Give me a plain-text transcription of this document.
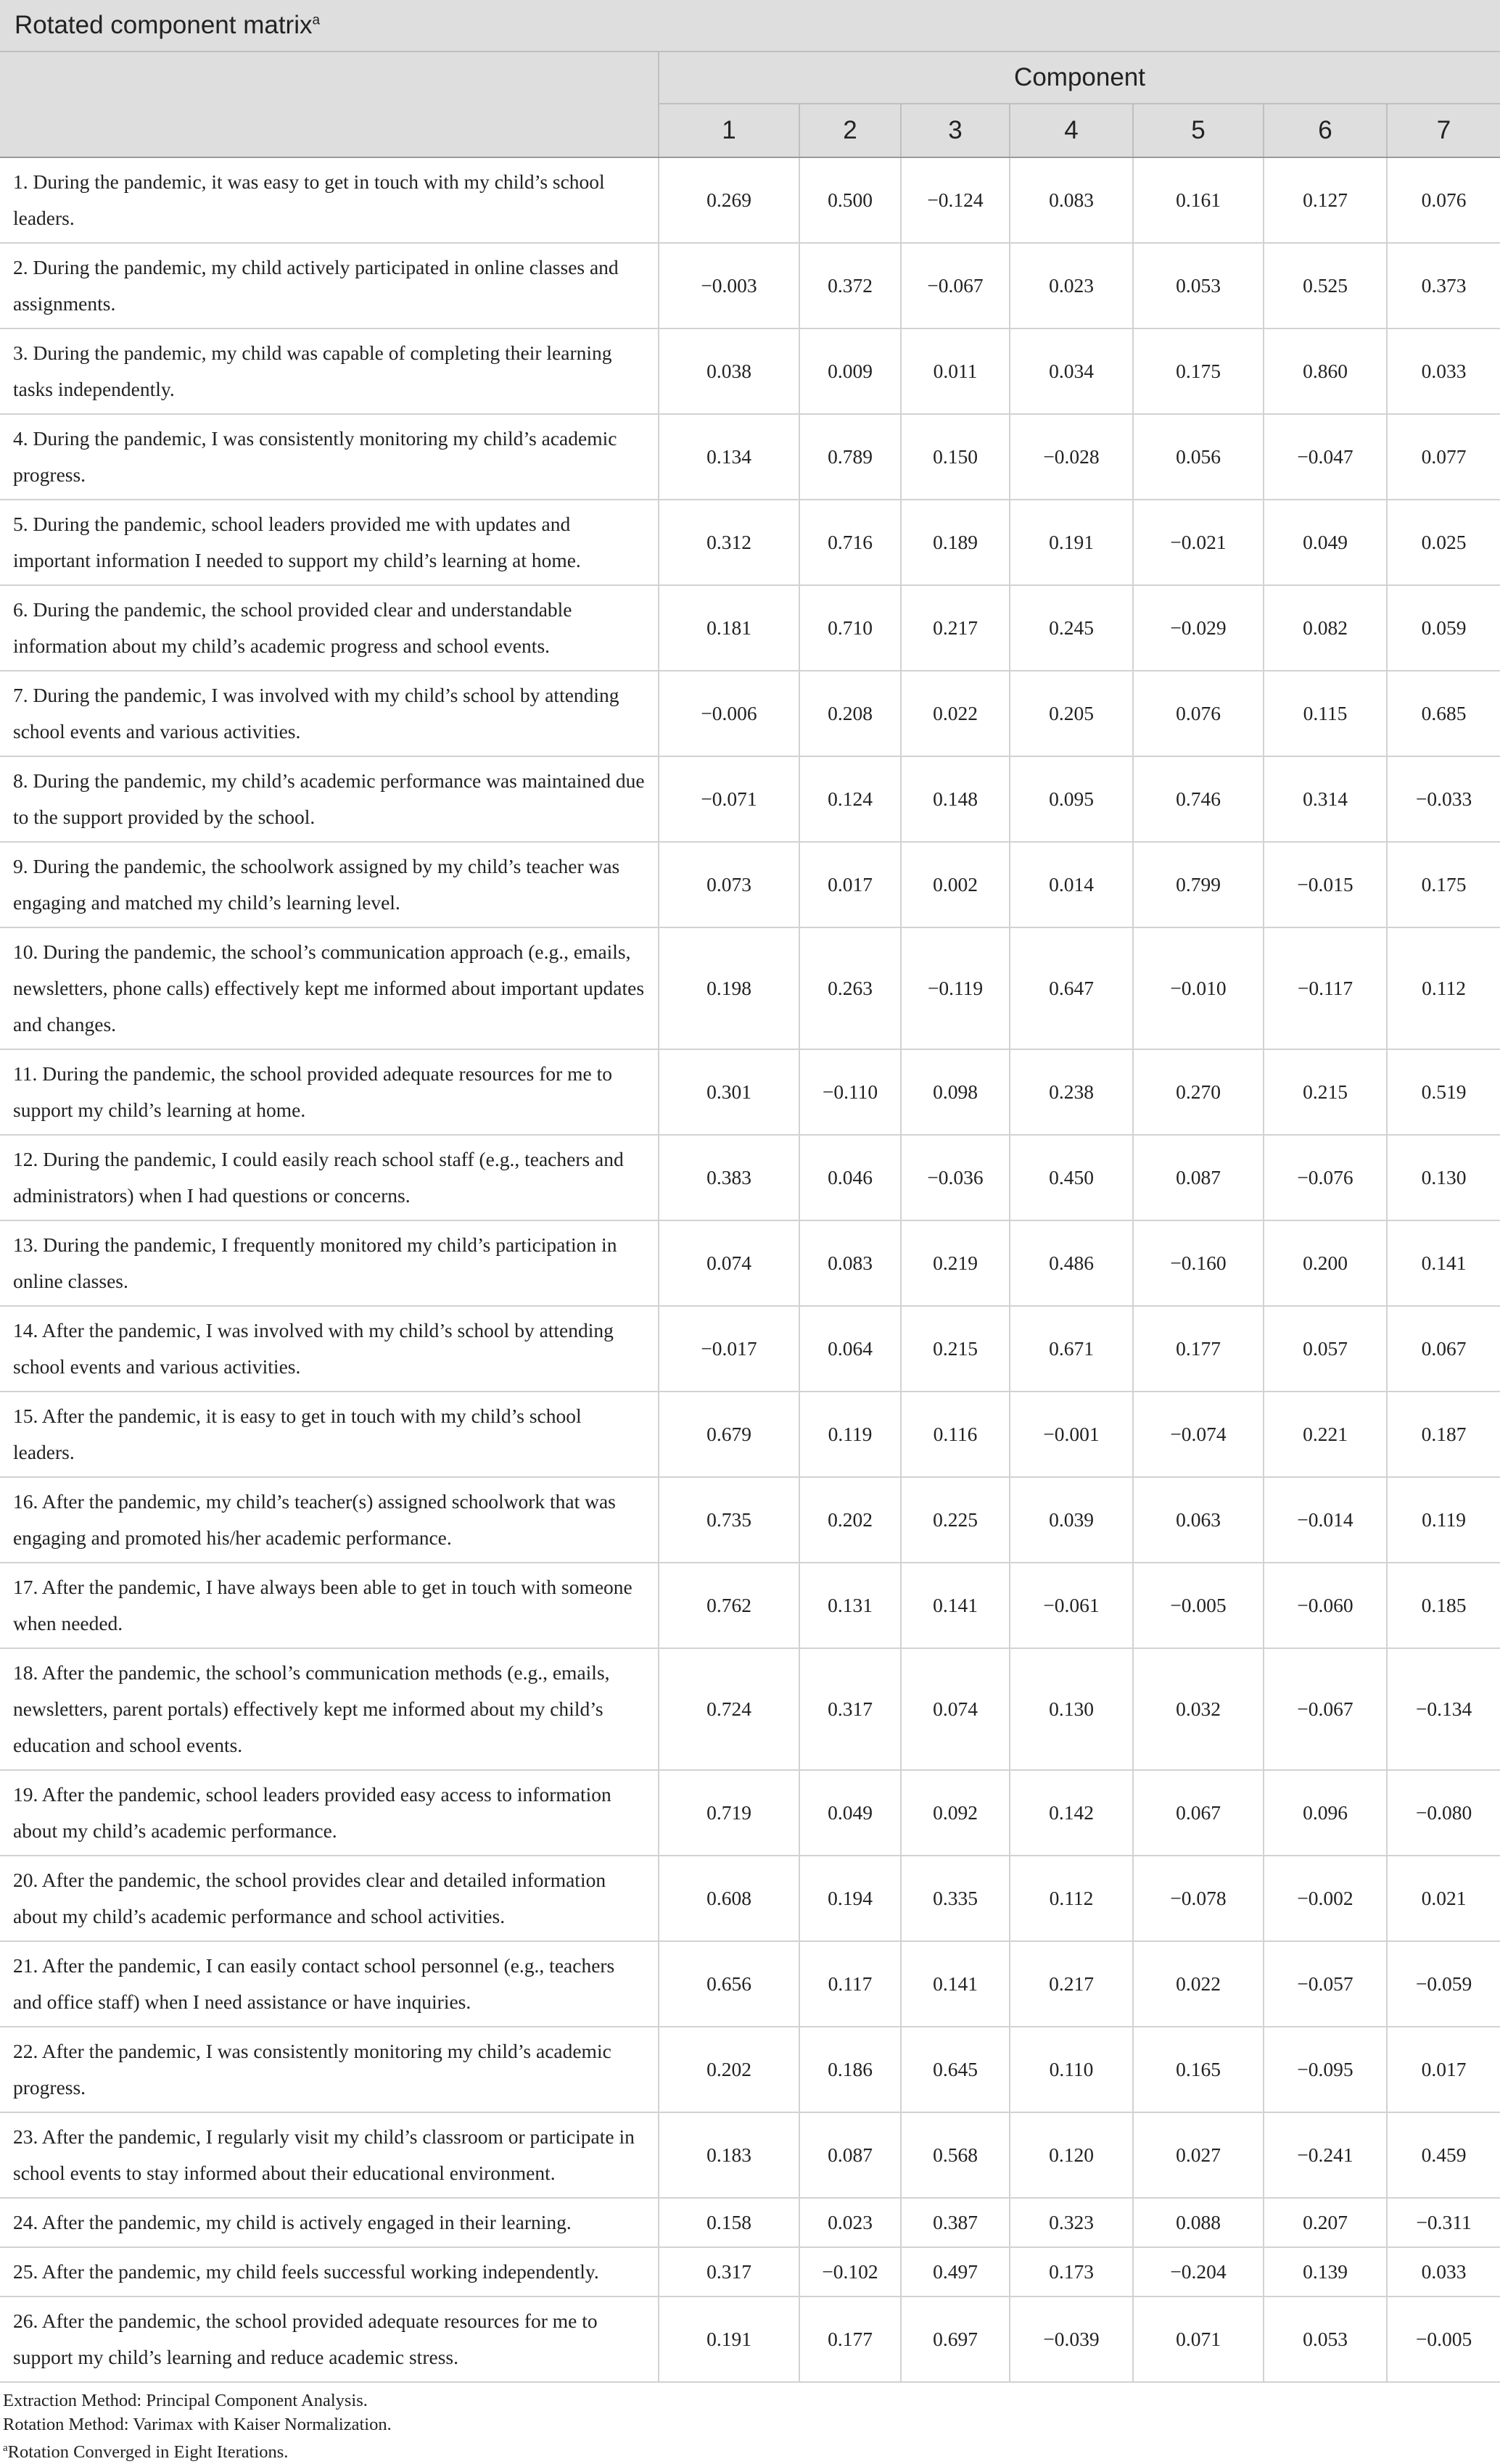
Rotated component matrix$^a$
	Component						
	1	2	3	4	5	6	7
1. During the pandemic, it was easy to get in touch with my child’s school leaders.	0.269	0.500	−0.124	0.083	0.161	0.127	0.076
2. During the pandemic, my child actively participated in online classes and assignments.	−0.003	0.372	−0.067	0.023	0.053	0.525	0.373
3. During the pandemic, my child was capable of completing their learning tasks independently.	0.038	0.009	0.011	0.034	0.175	0.860	0.033
4. During the pandemic, I was consistently monitoring my child’s academic progress.	0.134	0.789	0.150	−0.028	0.056	−0.047	0.077
5. During the pandemic, school leaders provided me with updates and important information I needed to support my child’s learning at home.	0.312	0.716	0.189	0.191	−0.021	0.049	0.025
6. During the pandemic, the school provided clear and understandable information about my child’s academic progress and school events.	0.181	0.710	0.217	0.245	−0.029	0.082	0.059
7. During the pandemic, I was involved with my child’s school by attending school events and various activities.	−0.006	0.208	0.022	0.205	0.076	0.115	0.685
8. During the pandemic, my child’s academic performance was maintained due to the support provided by the school.	−0.071	0.124	0.148	0.095	0.746	0.314	−0.033
9. During the pandemic, the schoolwork assigned by my child’s teacher was engaging and matched my child’s learning level.	0.073	0.017	0.002	0.014	0.799	−0.015	0.175
10. During the pandemic, the school’s communication approach (e.g., emails, newsletters, phone calls) effectively kept me informed about important updates and changes.	0.198	0.263	−0.119	0.647	−0.010	−0.117	0.112
11. During the pandemic, the school provided adequate resources for me to support my child’s learning at home.	0.301	−0.110	0.098	0.238	0.270	0.215	0.519
12. During the pandemic, I could easily reach school staff (e.g., teachers and administrators) when I had questions or concerns.	0.383	0.046	−0.036	0.450	0.087	−0.076	0.130
13. During the pandemic, I frequently monitored my child’s participation in online classes.	0.074	0.083	0.219	0.486	−0.160	0.200	0.141
14. After the pandemic, I was involved with my child’s school by attending school events and various activities.	−0.017	0.064	0.215	0.671	0.177	0.057	0.067
15. After the pandemic, it is easy to get in touch with my child’s school leaders.	0.679	0.119	0.116	−0.001	−0.074	0.221	0.187
16. After the pandemic, my child’s teacher(s) assigned schoolwork that was engaging and promoted his/her academic performance.	0.735	0.202	0.225	0.039	0.063	−0.014	0.119
17. After the pandemic, I have always been able to get in touch with someone when needed.	0.762	0.131	0.141	−0.061	−0.005	−0.060	0.185
18. After the pandemic, the school’s communication methods (e.g., emails, newsletters, parent portals) effectively kept me informed about my child’s education and school events.	0.724	0.317	0.074	0.130	0.032	−0.067	−0.134
19. After the pandemic, school leaders provided easy access to information about my child’s academic performance.	0.719	0.049	0.092	0.142	0.067	0.096	−0.080
20. After the pandemic, the school provides clear and detailed information about my child’s academic performance and school activities.	0.608	0.194	0.335	0.112	−0.078	−0.002	0.021
21. After the pandemic, I can easily contact school personnel (e.g., teachers and office staff) when I need assistance or have inquiries.	0.656	0.117	0.141	0.217	0.022	−0.057	−0.059
22. After the pandemic, I was consistently monitoring my child’s academic progress.	0.202	0.186	0.645	0.110	0.165	−0.095	0.017
23. After the pandemic, I regularly visit my child’s classroom or participate in school events to stay informed about their educational environment.	0.183	0.087	0.568	0.120	0.027	−0.241	0.459
24. After the pandemic, my child is actively engaged in their learning.	0.158	0.023	0.387	0.323	0.088	0.207	−0.311
25. After the pandemic, my child feels successful working independently.	0.317	−0.102	0.497	0.173	−0.204	0.139	0.033
26. After the pandemic, the school provided adequate resources for me to support my child’s learning and reduce academic stress.	0.191	0.177	0.697	−0.039	0.071	0.053	−0.005
Extraction Method: Principal Component Analysis.
Rotation Method: Varimax with Kaiser Normalization.
$^a$Rotation Converged in Eight Iterations.
